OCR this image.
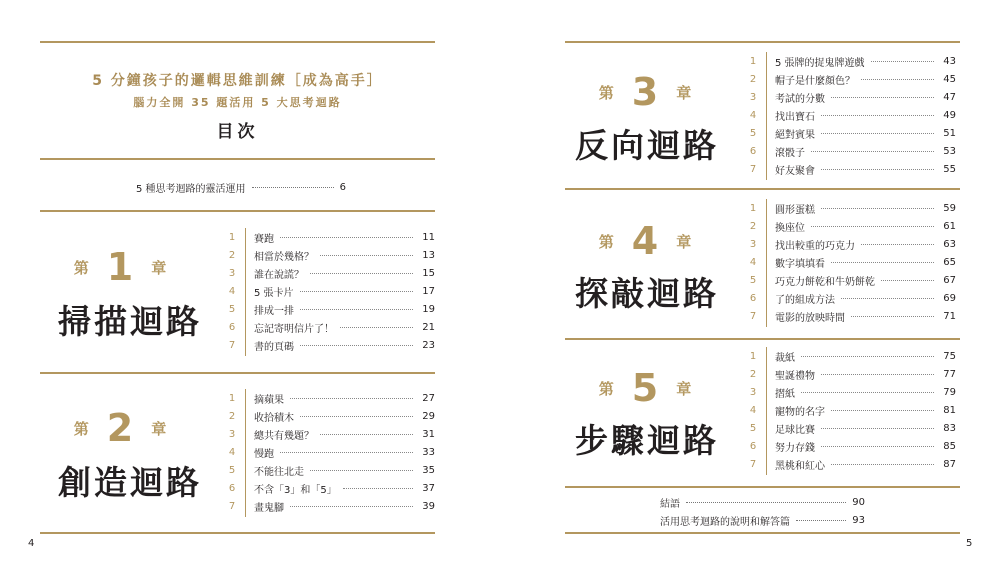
5 分鐘孩子的邏輯思維訓練［成為高手］
腦力全開 35 題活用 5 大思考迴路
目次
5 種思考迴路的靈活運用	6
第 1 章
掃描迴路
1	賽跑	11
2	相當於幾格？	13
3	誰在說謊？	15
4	5 張卡片	17
5	排成一排	19
6	忘記寄明信片了！	21
7	書的頁碼	23
第 2 章
創造迴路
1	摘蘋果	27
2	收拾積木	29
3	總共有幾題？	31
4	慢跑	33
5	不能往北走	35
6	不含「3」和「5」	37
7	畫鬼腳	39
4
第 3 章
反向迴路
1	5 張牌的捉鬼牌遊戲	43
2	帽子是什麼顏色？	45
3	考試的分數	47
4	找出寶石	49
5	絕對賓果	51
6	滾骰子	53
7	好友聚會	55
第 4 章
探敲迴路
1	圓形蛋糕	59
2	換座位	61
3	找出較重的巧克力	63
4	數字填填看	65
5	巧克力餅乾和牛奶餅乾	67
6	了的組成方法	69
7	電影的放映時間	71
第 5 章
步驟迴路
1	裁紙	75
2	聖誕禮物	77
3	摺紙	79
4	寵物的名字	81
5	足球比賽	83
6	努力存錢	85
7	黑桃和紅心	87
結語	90
活用思考迴路的說明和解答篇	93
5
